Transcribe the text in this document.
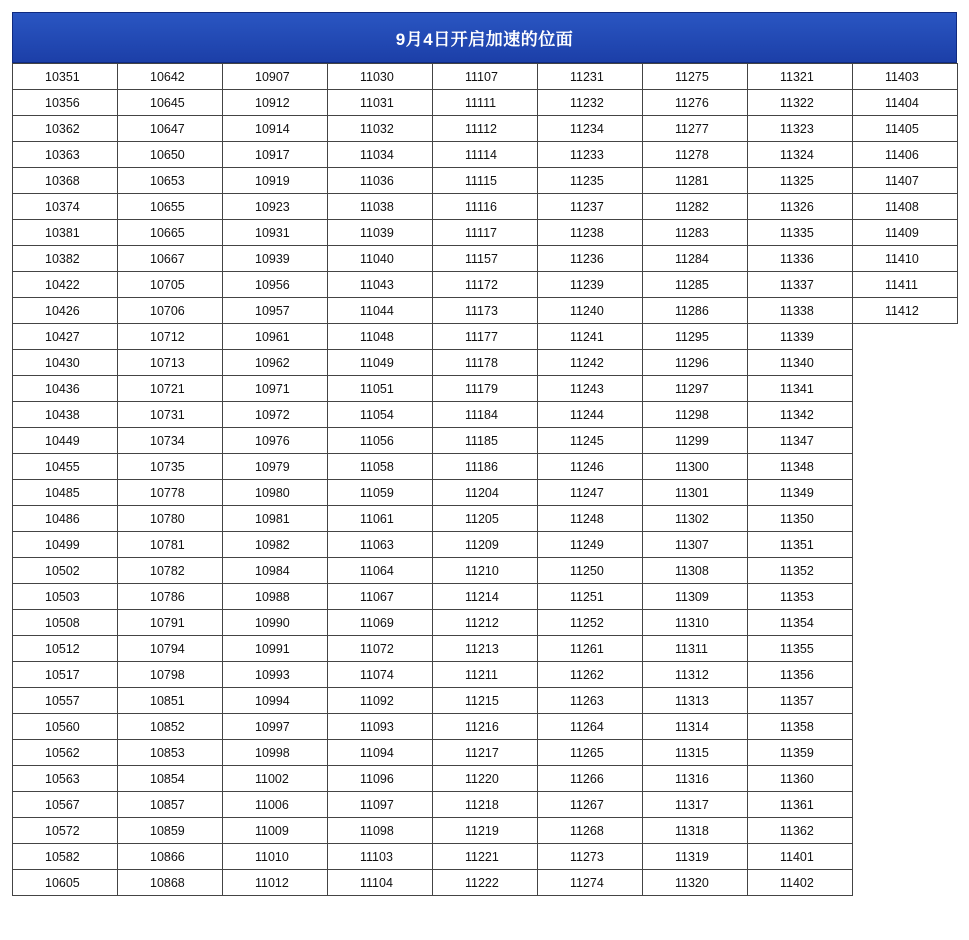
9月4日开启加速的位面
10351	10642	10907	11030	11107	11231	11275	11321	11403
10356	10645	10912	11031	11111	11232	11276	11322	11404
10362	10647	10914	11032	11112	11234	11277	11323	11405
10363	10650	10917	11034	11114	11233	11278	11324	11406
10368	10653	10919	11036	11115	11235	11281	11325	11407
10374	10655	10923	11038	11116	11237	11282	11326	11408
10381	10665	10931	11039	11117	11238	11283	11335	11409
10382	10667	10939	11040	11157	11236	11284	11336	11410
10422	10705	10956	11043	11172	11239	11285	11337	11411
10426	10706	10957	11044	11173	11240	11286	11338	11412
10427	10712	10961	11048	11177	11241	11295	11339	
10430	10713	10962	11049	11178	11242	11296	11340	
10436	10721	10971	11051	11179	11243	11297	11341	
10438	10731	10972	11054	11184	11244	11298	11342	
10449	10734	10976	11056	11185	11245	11299	11347	
10455	10735	10979	11058	11186	11246	11300	11348	
10485	10778	10980	11059	11204	11247	11301	11349	
10486	10780	10981	11061	11205	11248	11302	11350	
10499	10781	10982	11063	11209	11249	11307	11351	
10502	10782	10984	11064	11210	11250	11308	11352	
10503	10786	10988	11067	11214	11251	11309	11353	
10508	10791	10990	11069	11212	11252	11310	11354	
10512	10794	10991	11072	11213	11261	11311	11355	
10517	10798	10993	11074	11211	11262	11312	11356	
10557	10851	10994	11092	11215	11263	11313	11357	
10560	10852	10997	11093	11216	11264	11314	11358	
10562	10853	10998	11094	11217	11265	11315	11359	
10563	10854	11002	11096	11220	11266	11316	11360	
10567	10857	11006	11097	11218	11267	11317	11361	
10572	10859	11009	11098	11219	11268	11318	11362	
10582	10866	11010	11103	11221	11273	11319	11401	
10605	10868	11012	11104	11222	11274	11320	11402	
